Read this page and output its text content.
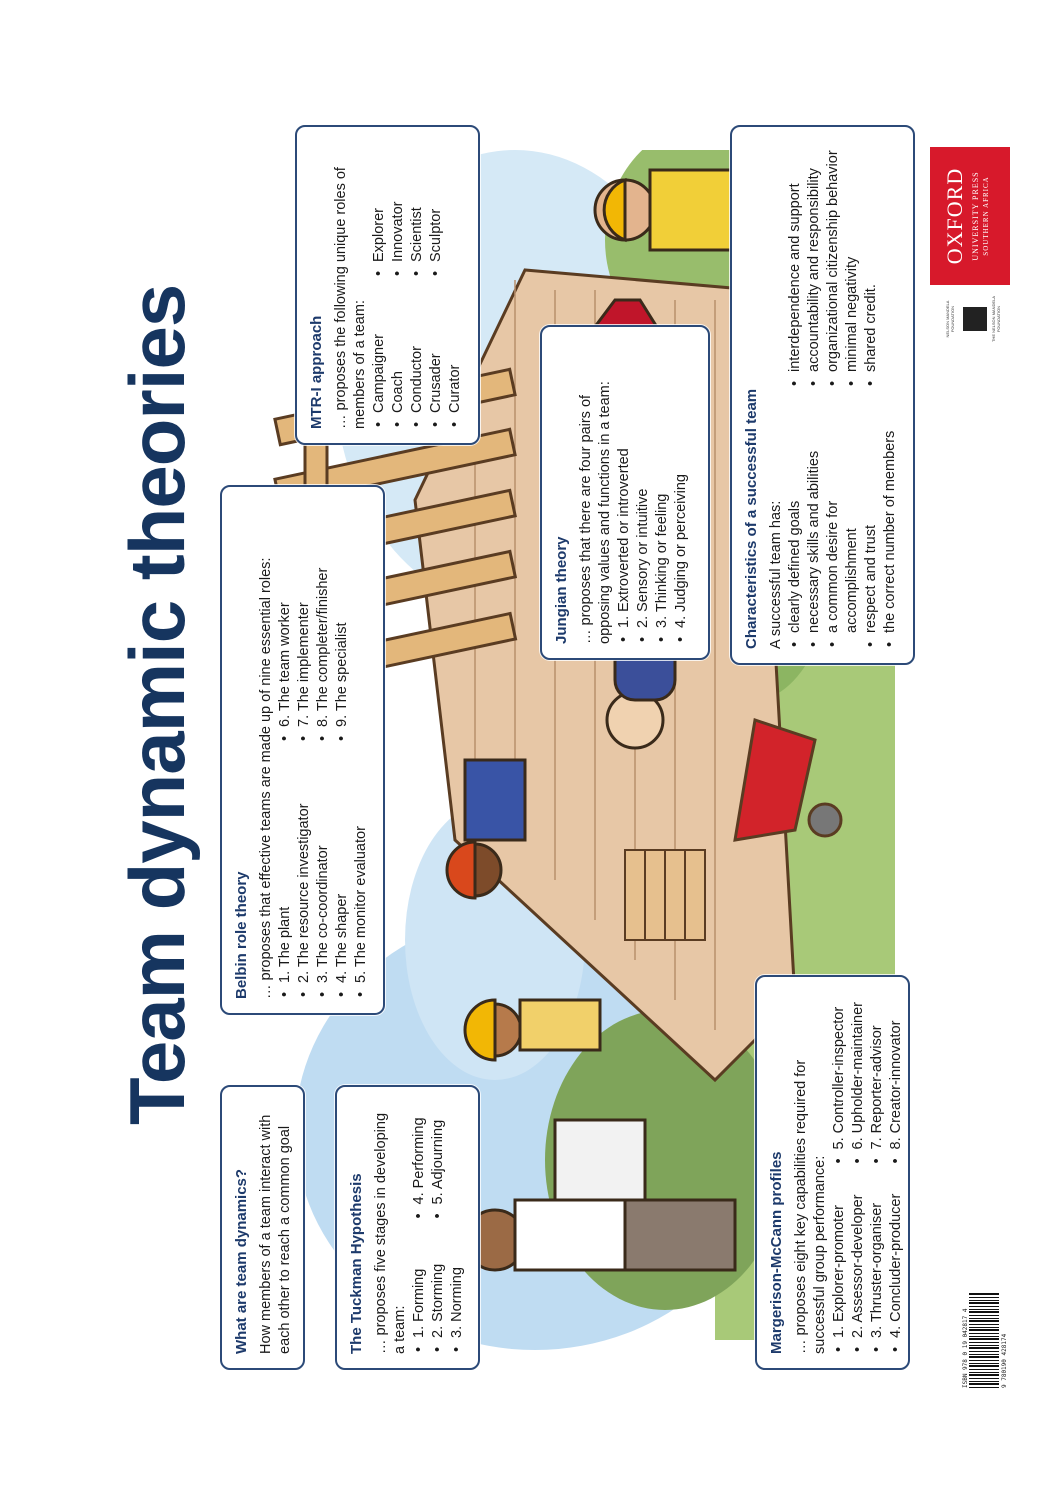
Team dynamic theories
What are team dynamics? How members of a team interact with each other to reach a common goal	The Tuckman Hypothesis … proposes five stages in developing a team: • 1. Forming • 2. Storming • 3. Norming
• 4. Performing • 5. Adjourning	Margerison-McCann profiles … proposes eight key capabilities required for successful group performance: • 1. Explorer-promoter • 2. Assessor-developer • 3. Thruster-organiser • 4. Concluder-producer
• 5. Controller-inspector • 6. Upholder-maintainer • 7. Reporter-advisor • 8. Creator-innovator
Belbin role theory … proposes that effective teams are made up of nine essential roles: • 1. The plant • 2. The resource investigator • 3. The co-coordinator • 4. The shaper • 5. The monitor evaluator
• 6. The team worker • 7. The implementer • 8. The completer/finisher • 9. The specialist
Jungian theory … proposes that there are four pairs of opposing values and functions in a team: • 1. Extroverted or introverted • 2. Sensory or intuitive • 3. Thinking or feeling • 4. Judging or perceiving
MTR-I approach … proposes the following unique roles of members of a team: • Campaigner • Coach • Conductor • Crusader • Curator
• Explorer • Innovator • Scientist • Sculptor
Characteristics of a successful team A successful team has: • clearly defined goals • necessary skills and abilities • a common desire for accomplishment • respect and trust • the correct number of members
• interdependence and support • accountability and responsibility • organizational citizenship behavior • minimal negativity • shared credit.
ISBN 978 0 19 042817 4	9 780190 428174
NELSON MANDELA FOUNDATION	THE NELSON MANDELA FOUNDATION
OXFORD UNIVERSITY PRESS SOUTHERN AFRICA
